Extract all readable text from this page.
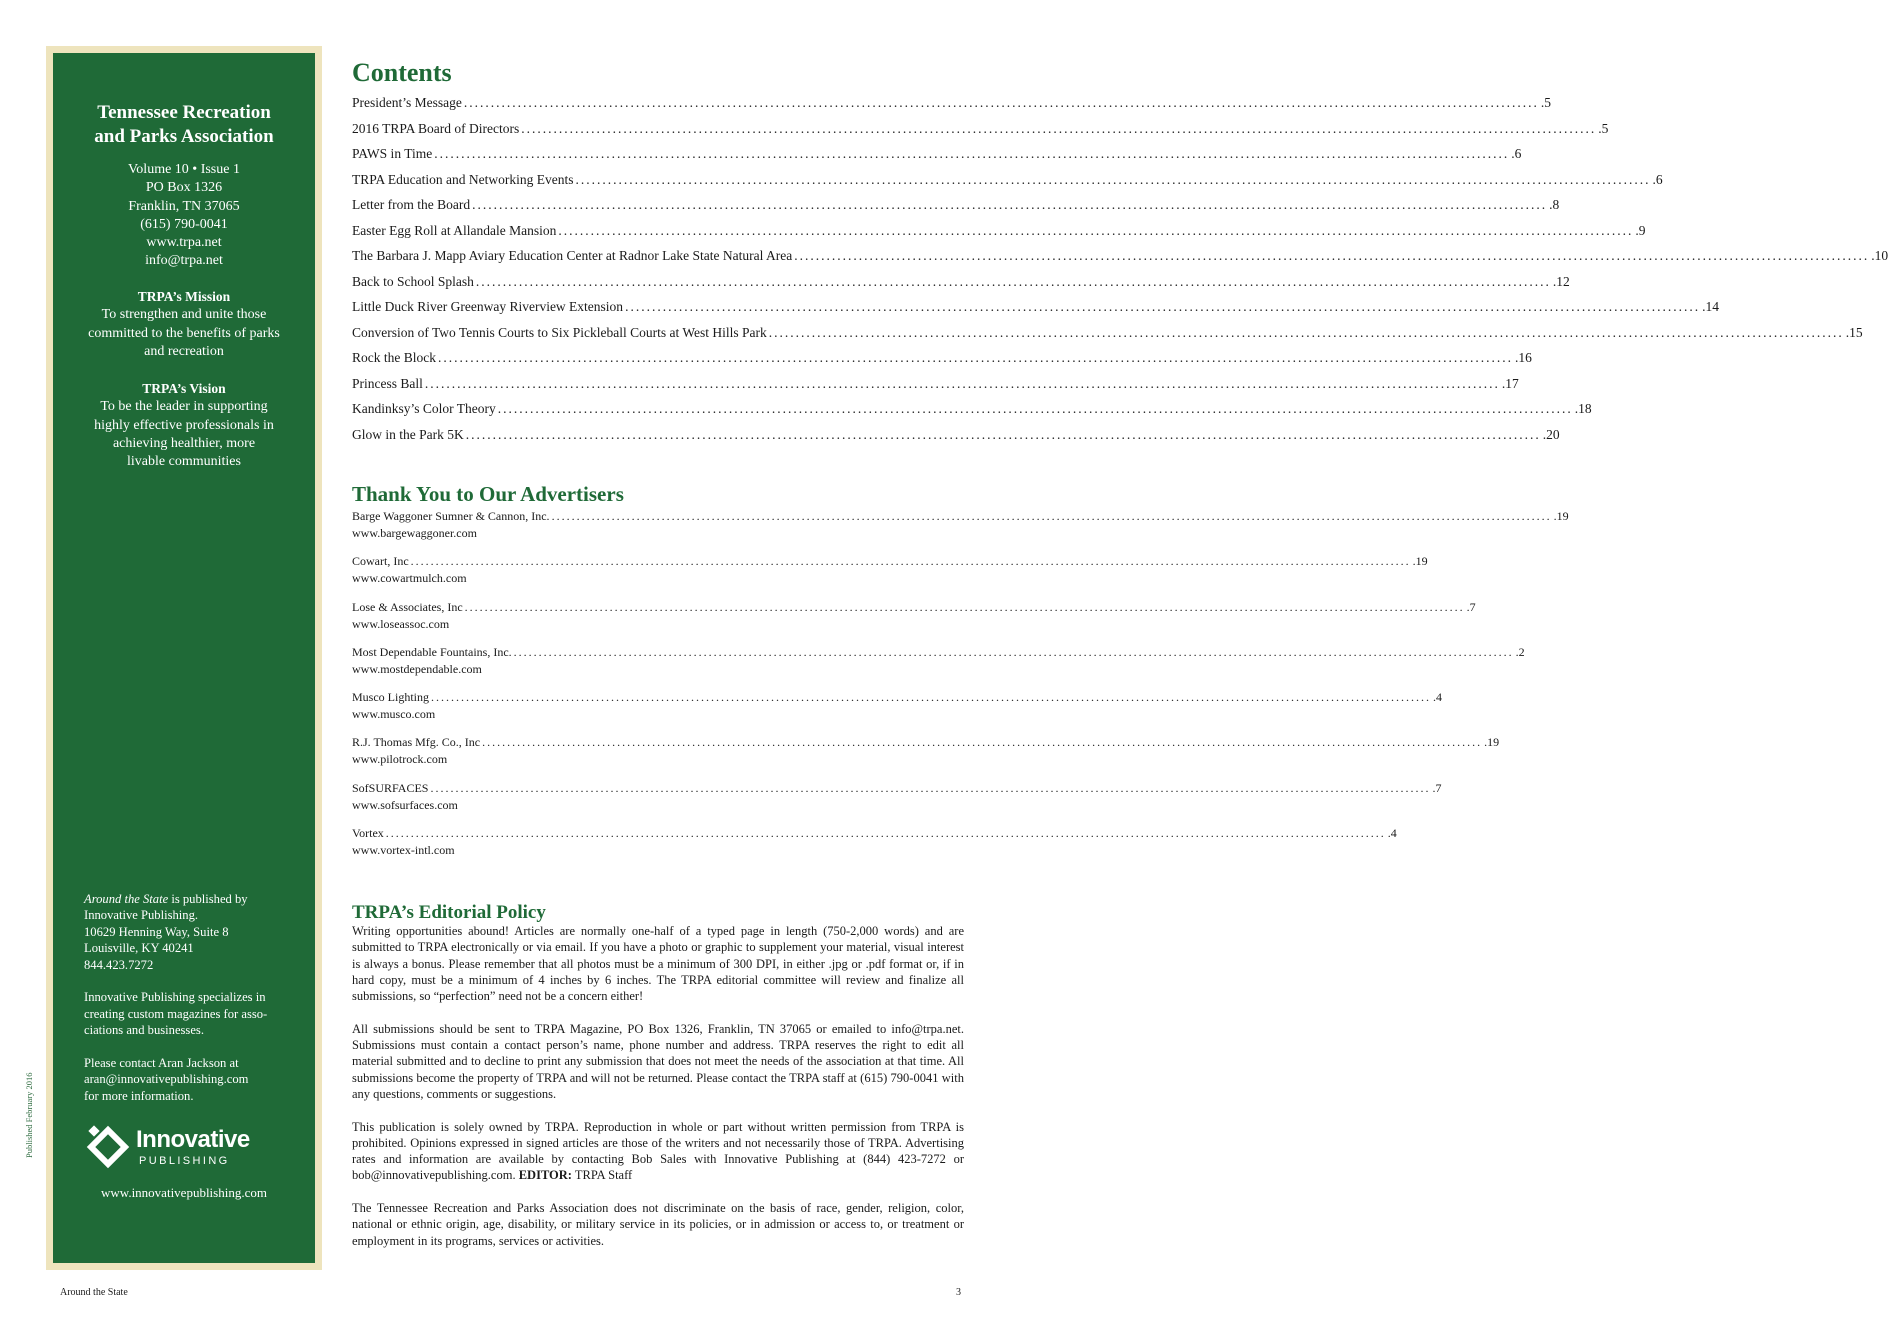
Tennessee Recreation
and Parks Association
Volume 10 • Issue 1
PO Box 1326
Franklin, TN 37065
(615) 790-0041
www.trpa.net
info@trpa.net
TRPA’s Mission
To strengthen and unite those
committed to the benefits of parks
and recreation
TRPA’s Vision
To be the leader in supporting
highly effective professionals in
achieving healthier, more
livable communities

Around the State is published by
Innovative Publishing.
10629 Henning Way, Suite 8
Louisville, KY 40241
844.423.7272

Innovative Publishing specializes in
creating custom magazines for asso-
ciations and businesses.

Please contact Aran Jackson at
aran@innovativepublishing.com
for more information.

Innovative
PUBLISHING
www.innovativepublishing.com
Published February 2016
Contents
President’s Message ........................................................................................................................................................................................................ .5
2016 TRPA Board of Directors ........................................................................................................................................................................................................ .5
PAWS in Time ........................................................................................................................................................................................................ .6
TRPA Education and Networking Events ........................................................................................................................................................................................................ .6
Letter from the Board ........................................................................................................................................................................................................ .8
Easter Egg Roll at Allandale Mansion ........................................................................................................................................................................................................ .9
The Barbara J. Mapp Aviary Education Center at Radnor Lake State Natural Area ........................................................................................................................................................................................................ .10
Back to School Splash ........................................................................................................................................................................................................ .12
Little Duck River Greenway Riverview Extension ........................................................................................................................................................................................................ .14
Conversion of Two Tennis Courts to Six Pickleball Courts at West Hills Park ........................................................................................................................................................................................................ .15
Rock the Block ........................................................................................................................................................................................................ .16
Princess Ball ........................................................................................................................................................................................................ .17
Kandinksy’s Color Theory ........................................................................................................................................................................................................ .18
Glow in the Park 5K ........................................................................................................................................................................................................ .20
Thank You to Our Advertisers
Barge Waggoner Sumner & Cannon, Inc. ........................................................................................................................................................................................................ .19
www.bargewaggoner.com
Cowart, Inc ........................................................................................................................................................................................................ .19
www.cowartmulch.com
Lose & Associates, Inc ........................................................................................................................................................................................................ .7
www.loseassoc.com
Most Dependable Fountains, Inc. ........................................................................................................................................................................................................ .2
www.mostdependable.com
Musco Lighting ........................................................................................................................................................................................................ .4
www.musco.com
R.J. Thomas Mfg. Co., Inc ........................................................................................................................................................................................................ .19
www.pilotrock.com
SofSURFACES ........................................................................................................................................................................................................ .7
www.sofsurfaces.com
Vortex ........................................................................................................................................................................................................ .4
www.vortex-intl.com
TRPA’s Editorial Policy

Writing opportunities abound! Articles are normally one-half of a typed page in length (750-2,000 words) and are submitted to TRPA electronically or via email. If you have a photo or graphic to supplement your material, visual interest is always a bonus. Please remember that all photos must be a minimum of 300 DPI, in either .jpg or .pdf format or, if in hard copy, must be a minimum of 4 inches by 6 inches. The TRPA editorial committee will review and finalize all submissions, so “perfection” need not be a concern either!

All submissions should be sent to TRPA Magazine, PO Box 1326, Franklin, TN 37065 or emailed to info@trpa.net. Submissions must contain a contact person’s name, phone number and address. TRPA reserves the right to edit all material submitted and to decline to print any submission that does not meet the needs of the association at that time. All submissions become the property of TRPA and will not be returned. Please contact the TRPA staff at (615) 790-0041 with any questions, comments or suggestions.

This publication is solely owned by TRPA. Reproduction in whole or part without written permission from TRPA is prohibited. Opinions expressed in signed articles are those of the writers and not necessarily those of TRPA. Advertising rates and information are available by contacting Bob Sales with Innovative Publishing at (844) 423-7272 or bob@innovativepublishing.com. EDITOR: TRPA Staff

The Tennessee Recreation and Parks Association does not discriminate on the basis of race, gender, religion, color, national or ethnic origin, age, disability, or military service in its policies, or in admission or access to, or treatment or employment in its programs, services or activities.

Around the State	3
